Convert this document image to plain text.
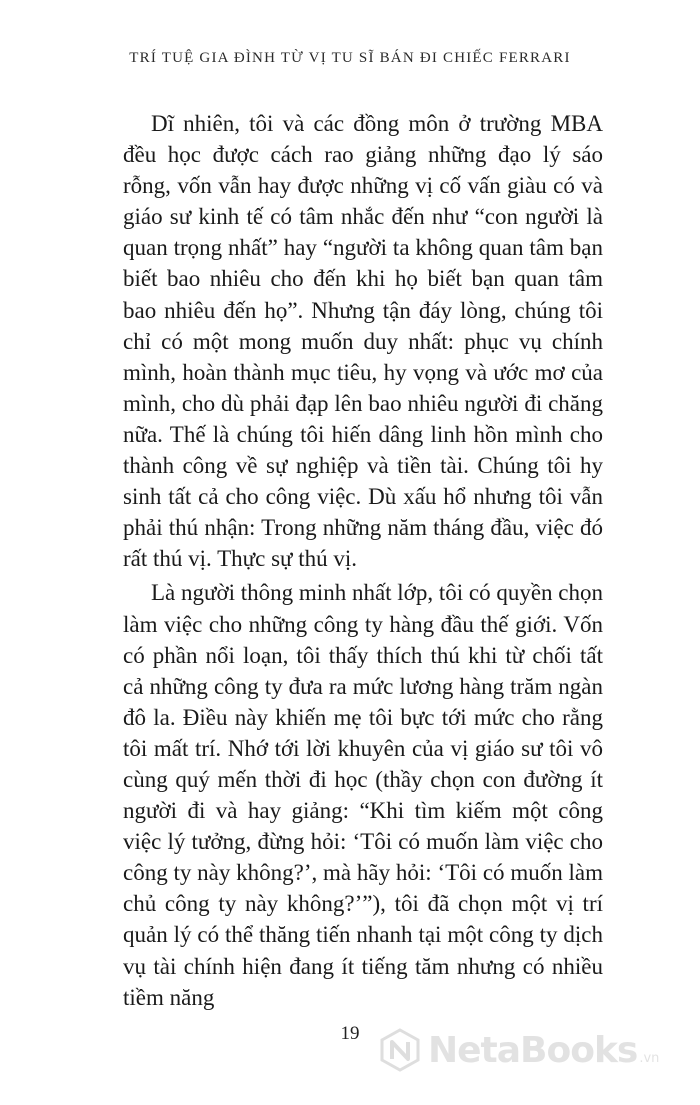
TRÍ TUỆ GIA ĐÌNH TỪ VỊ TU SĨ BÁN ĐI CHIẾC FERRARI

Dĩ nhiên, tôi và các đồng môn ở trường MBA đều học được cách rao giảng những đạo lý sáo rỗng, vốn vẫn hay được những vị cố vấn giàu có và giáo sư kinh tế có tâm nhắc đến như “con người là quan trọng nhất” hay “người ta không quan tâm bạn biết bao nhiêu cho đến khi họ biết bạn quan tâm bao nhiêu đến họ”. Nhưng tận đáy lòng, chúng tôi chỉ có một mong muốn duy nhất: phục vụ chính mình, hoàn thành mục tiêu, hy vọng và ước mơ của mình, cho dù phải đạp lên bao nhiêu người đi chăng nữa. Thế là chúng tôi hiến dâng linh hồn mình cho thành công về sự nghiệp và tiền tài. Chúng tôi hy sinh tất cả cho công việc. Dù xấu hổ nhưng tôi vẫn phải thú nhận: Trong những năm tháng đầu, việc đó rất thú vị. Thực sự thú vị.

Là người thông minh nhất lớp, tôi có quyền chọn làm việc cho những công ty hàng đầu thế giới. Vốn có phần nổi loạn, tôi thấy thích thú khi từ chối tất cả những công ty đưa ra mức lương hàng trăm ngàn đô la. Điều này khiến mẹ tôi bực tới mức cho rằng tôi mất trí. Nhớ tới lời khuyên của vị giáo sư tôi vô cùng quý mến thời đi học (thầy chọn con đường ít người đi và hay giảng: “Khi tìm kiếm một công việc lý tưởng, đừng hỏi: ‘Tôi có muốn làm việc cho công ty này không?’, mà hãy hỏi: ‘Tôi có muốn làm chủ công ty này không?’”), tôi đã chọn một vị trí quản lý có thể thăng tiến nhanh tại một công ty dịch vụ tài chính hiện đang ít tiếng tăm nhưng có nhiều tiềm năng

19	NetaBooks .vn
